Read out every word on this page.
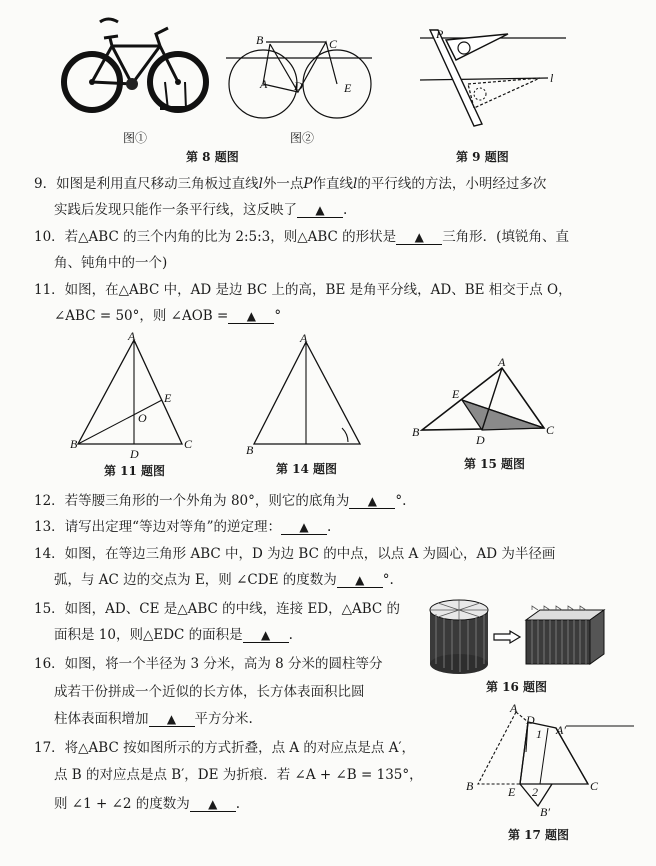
图①
B	C
A D	E
图②
第 8 题图
P
l
第 9 题图
9．如图是利用直尺移动三角板过直线l外一点P作直线l的平行线的方法，小明经过多次
实践后发现只能作一条平行线，这反映了 ▲ .
10．若△ABC 的三个内角的比为 2:5:3，则△ABC 的形状是 ▲ 三角形．(填锐角、直
角、钝角中的一个)
11．如图，在△ABC 中，AD 是边 BC 上的高，BE 是角平分线，AD、BE 相交于点 O，
∠ABC = 50°，则 ∠AOB = ▲ °
A
E
O
B	C
D
第 11 题图
A
B
第 14 题图
A
E
B
D
C
第 15 题图
12．若等腰三角形的一个外角为 80°，则它的底角为 ▲ °.
13．请写出定理“等边对等角”的逆定理： ▲ .
14．如图，在等边三角形 ABC 中，D 为边 BC 的中点，以点 A 为圆心，AD 为半径画
弧，与 AC 边的交点为 E，则 ∠CDE 的度数为 ▲ °.
15．如图，AD、CE 是△ABC 的中线，连接 ED，△ABC 的
面积是 10，则△EDC 的面积是 ▲ .
第 16 题图
16．如图，将一个半径为 3 分米，高为 8 分米的圆柱等分
成若干份拼成一个近似的长方体，长方体表面积比圆
柱体表面积增加 ▲ 平方分米.
17．将△ABC 按如图所示的方式折叠，点 A 的对应点是点 A′，
点 B 的对应点是点 B′，DE 为折痕．若 ∠A + ∠B = 135°，
则 ∠1 + ∠2 的度数为 ▲ .
A
D
1 A′
B	E 2
B′
C
第 17 题图
